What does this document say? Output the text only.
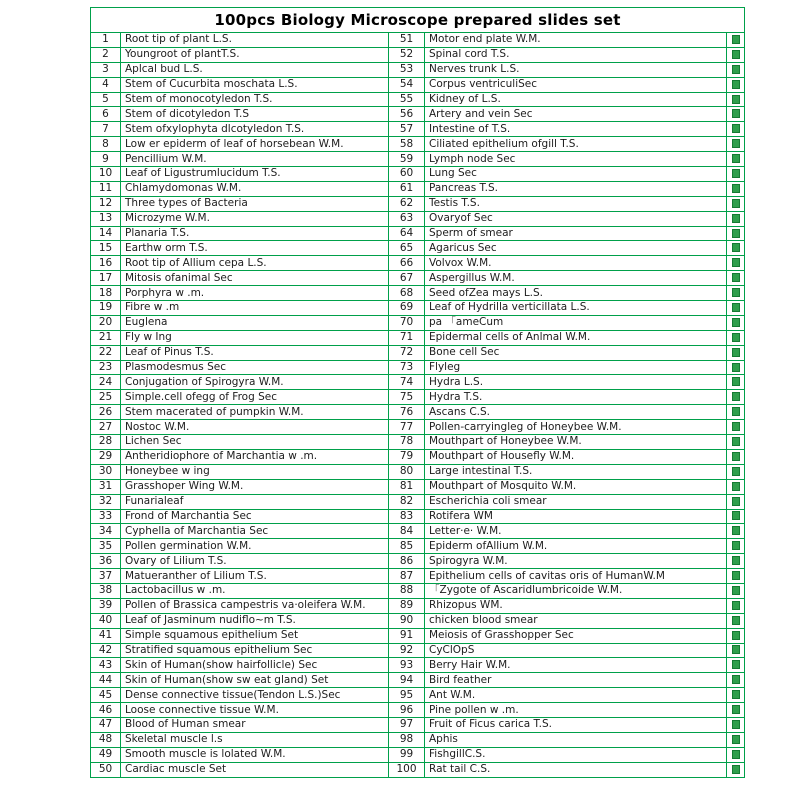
100pcs Biology Microscope prepared slides set				
1	Root tip of plant L.S.	51	Motor end plate W.M.	
2	Youngroot of plantT.S.	52	Spinal cord T.S.	
3	Aplcal bud L.S.	53	Nerves trunk L.S.	
4	Stem of Cucurbita moschata L.S.	54	Corpus ventriculiSec	
5	Stem of monocotyledon T.S.	55	Kidney of L.S.	
6	Stem of dicotyledon T.S	56	Artery and vein Sec	
7	Stem ofxylophyta dlcotyledon T.S.	57	Intestine of T.S.	
8	Low er epiderm of leaf of horsebean W.M.	58	Ciliated epithelium ofgill T.S.	
9	Pencillium W.M.	59	Lymph node Sec	
10	Leaf of Ligustrumlucidum T.S.	60	Lung Sec	
11	Chlamydomonas W.M.	61	Pancreas T.S.	
12	Three types of Bacteria	62	Testis T.S.	
13	Microzyme W.M.	63	Ovaryof Sec	
14	Planaria T.S.	64	Sperm of smear	
15	Earthw orm T.S.	65	Agaricus Sec	
16	Root tip of Allium cepa L.S.	66	Volvox W.M.	
17	Mitosis ofanimal Sec	67	Aspergillus W.M.	
18	Porphyra w .m.	68	Seed ofZea mays L.S.	
19	Fibre w .m	69	Leaf of Hydrilla verticillata L.S.	
20	Euglena	70	pa 「ameCum	
21	Fly w Ing	71	Epidermal cells of Anlmal W.M.	
22	Leaf of Pinus T.S.	72	Bone cell Sec	
23	Plasmodesmus Sec	73	Flyleg	
24	Conjugation of Spirogyra W.M.	74	Hydra L.S.	
25	Simple.cell ofegg of Frog Sec	75	Hydra T.S.	
26	Stem macerated of pumpkin W.M.	76	Ascans C.S.	
27	Nostoc W.M.	77	Pollen-carryingleg of Honeybee W.M.	
28	Lichen Sec	78	Mouthpart of Honeybee W.M.	
29	Antheridiophore of Marchantia w .m.	79	Mouthpart of Housefly W.M.	
30	Honeybee w ing	80	Large intestinal T.S.	
31	Grasshoper Wing W.M.	81	Mouthpart of Mosquito W.M.	
32	Funarialeaf	82	Escherichia coli smear	
33	Frond of Marchantia Sec	83	Rotifera WM	
34	Cyphella of Marchantia Sec	84	Letter·e· W.M.	
35	Pollen germination W.M.	85	Epiderm ofAllium W.M.	
36	Ovary of Lilium T.S.	86	Spirogyra W.M.	
37	Matueranther of Lilium T.S.	87	Epithelium cells of cavitas oris of HumanW.M	
38	Lactobacillus w .m.	88	「Zygote of Ascaridlumbricoide W.M.	
39	Pollen of Brassica campestris va·oleifera W.M.	89	Rhizopus WM.	
40	Leaf of Jasminum nudiflo~m T.S.	90	chicken blood smear	
41	Simple squamous epithelium Set	91	Meiosis of Grasshopper Sec	
42	Stratified squamous epithelium Sec	92	CyClOpS	
43	Skin of Human(show hairfollicle) Sec	93	Berry Hair W.M.	
44	Skin of Human(show sw eat gland) Set	94	Bird feather	
45	Dense connective tissue(Tendon L.S.)Sec	95	Ant W.M.	
46	Loose connective tissue W.M.	96	Pine pollen w .m.	
47	Blood of Human smear	97	Fruit of Ficus carica T.S.	
48	Skeletal muscle l.s	98	Aphis	
49	Smooth muscle is lolated W.M.	99	FishgillC.S.	
50	Cardiac muscle Set	100	Rat tail C.S.	
